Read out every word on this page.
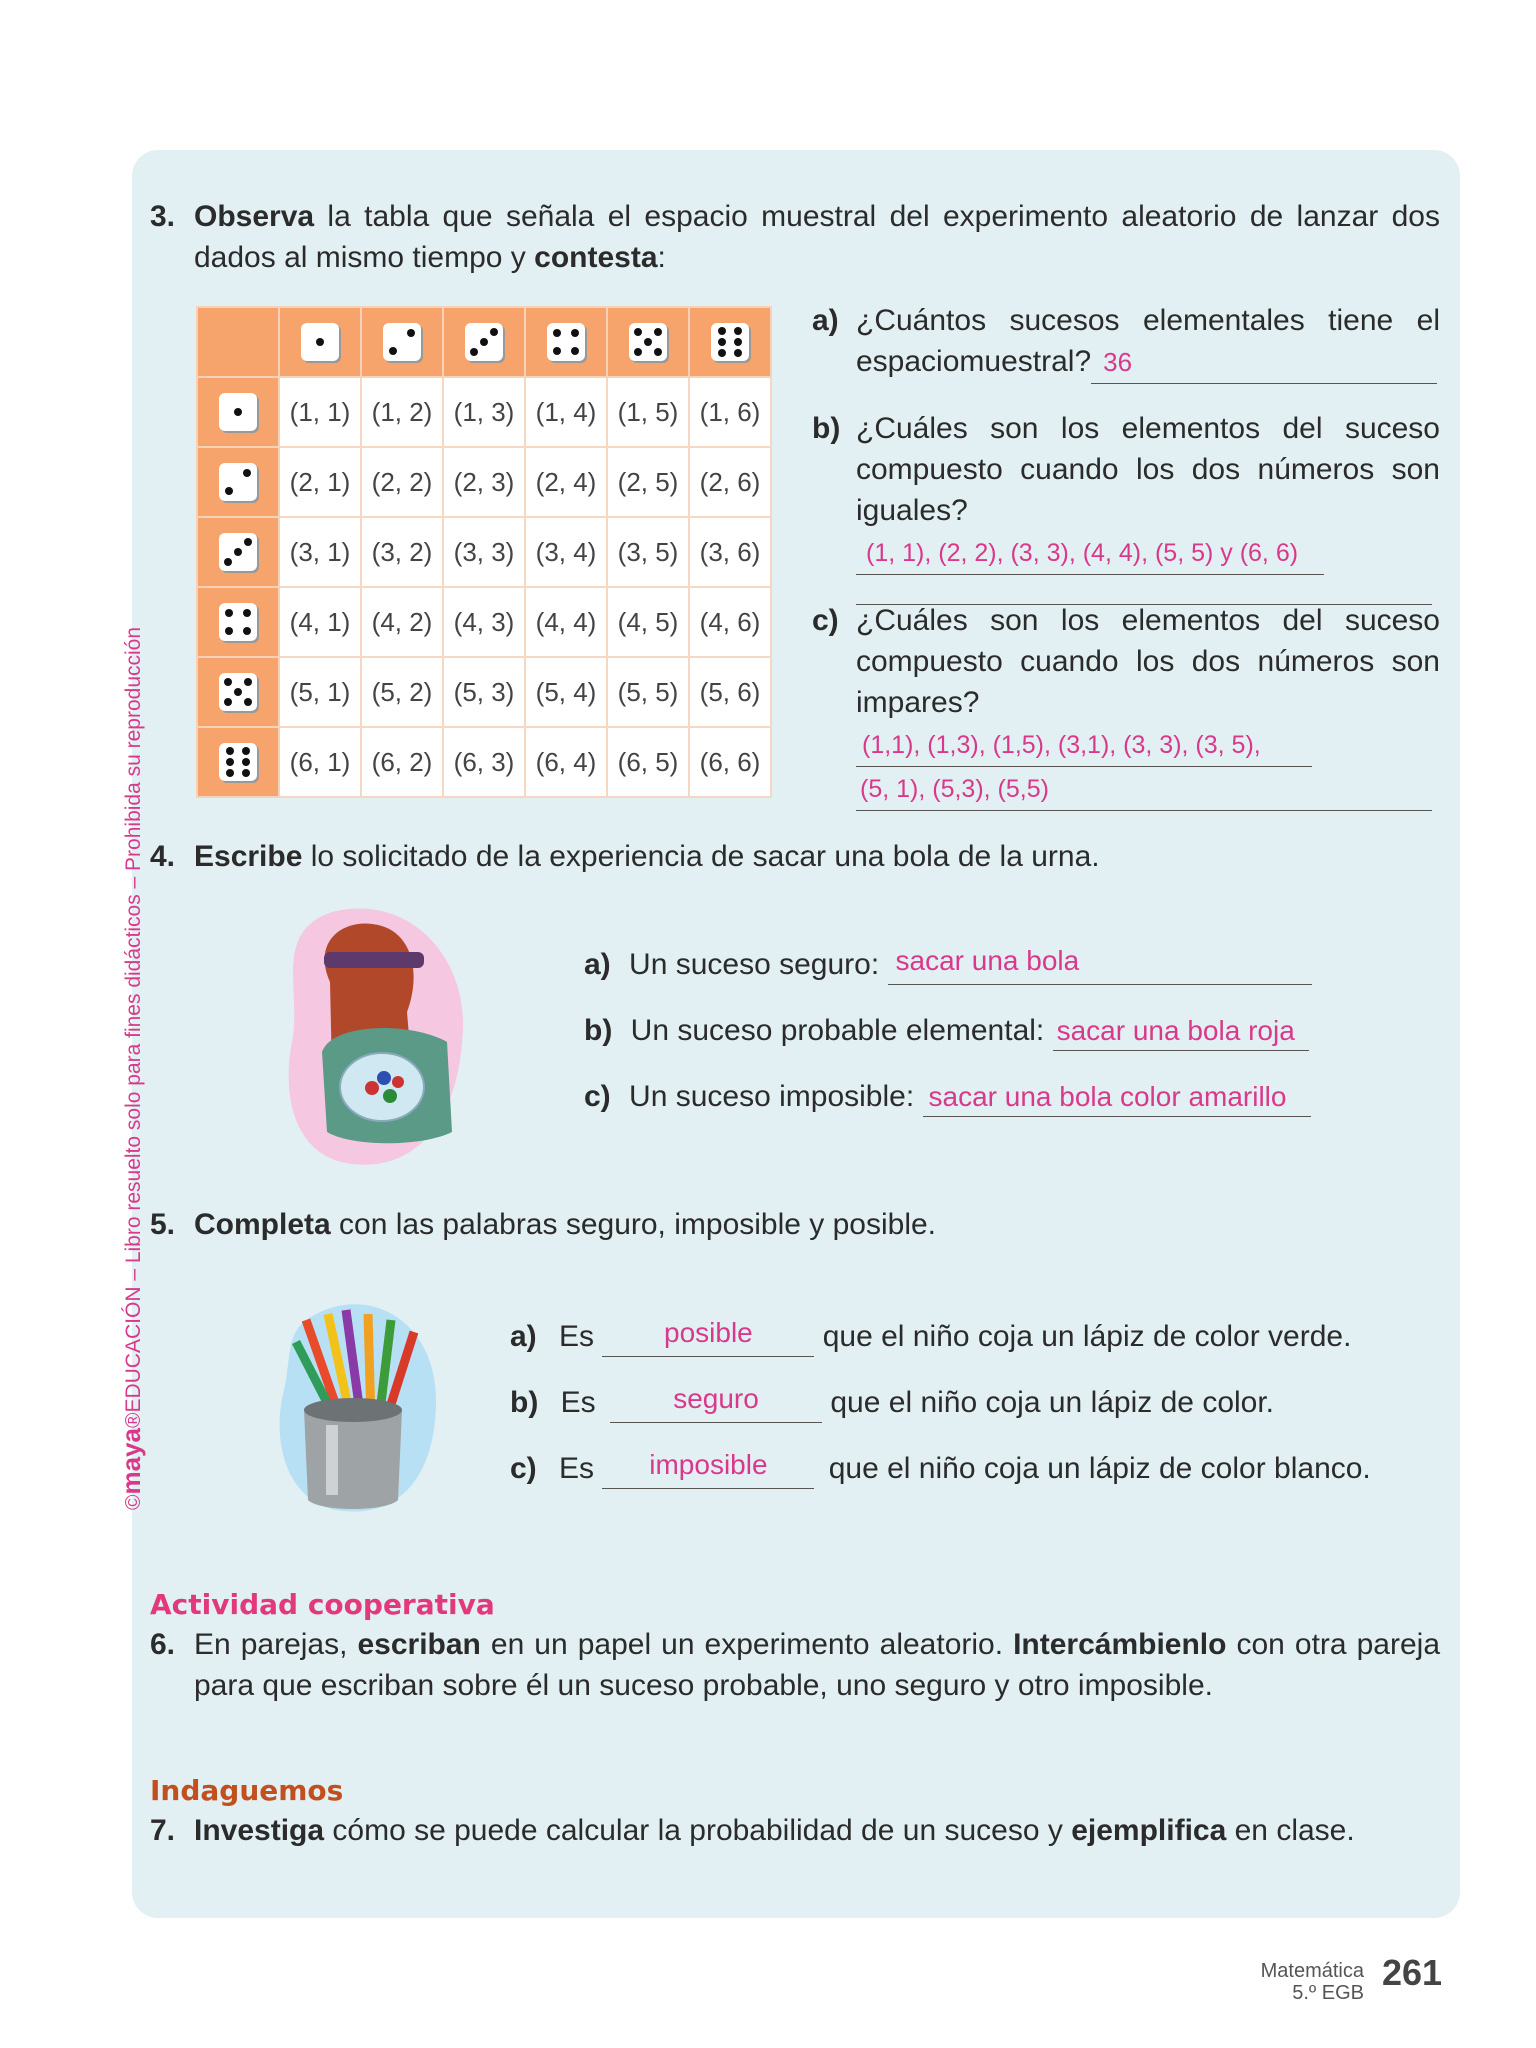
©maya®EDUCACIÓN – Libro resuelto solo para fines didácticos – Prohibida su reproducción
3. Observa la tabla que señala el espacio muestral del experimento aleatorio de lanzar dos dados al mismo tiempo y contesta:

	(1, 1)	(1, 2)	(1, 3)	(1, 4)	(1, 5)	(1, 6)

	(2, 1)	(2, 2)	(2, 3)	(2, 4)	(2, 5)	(2, 6)

	(3, 1)	(3, 2)	(3, 3)	(3, 4)	(3, 5)	(3, 6)

	(4, 1)	(4, 2)	(4, 3)	(4, 4)	(4, 5)	(4, 6)

	(5, 1)	(5, 2)	(5, 3)	(5, 4)	(5, 5)	(5, 6)

	(6, 1)	(6, 2)	(6, 3)	(6, 4)	(6, 5)	(6, 6)
a) ¿Cuántos sucesos elementales tiene el
espaciomuestral? 36
b) ¿Cuáles son los elementos del suceso
compuesto cuando los dos números son
iguales? (1, 1), (2, 2), (3, 3), (4, 4), (5, 5) y (6, 6)
c) ¿Cuáles son los elementos del suceso
compuesto cuando los dos números son
impares? (1,1), (1,3), (1,5), (3,1), (3, 3), (3, 5),
(5, 1), (5,3), (5,5)
4. Escribe lo solicitado de la experiencia de sacar una bola de la urna.
a) Un suceso seguro: sacar una bola
b) Un suceso probable elemental: sacar una bola roja
c) Un suceso imposible: sacar una bola color amarillo
5. Completa con las palabras seguro, imposible y posible.
a) Es posible que el niño coja un lápiz de color verde.
b) Es	seguro que el niño coja un lápiz de color.
c) Es imposible que el niño coja un lápiz de color blanco.
Actividad cooperativa
6. En parejas, escriban en un papel un experimento aleatorio. Intercámbienlo con otra pareja
para que escriban sobre él un suceso probable, uno seguro y otro imposible.
Indaguemos
7. Investiga cómo se puede calcular la probabilidad de un suceso y ejemplifica en clase.
Matemática
5.º EGB 261
